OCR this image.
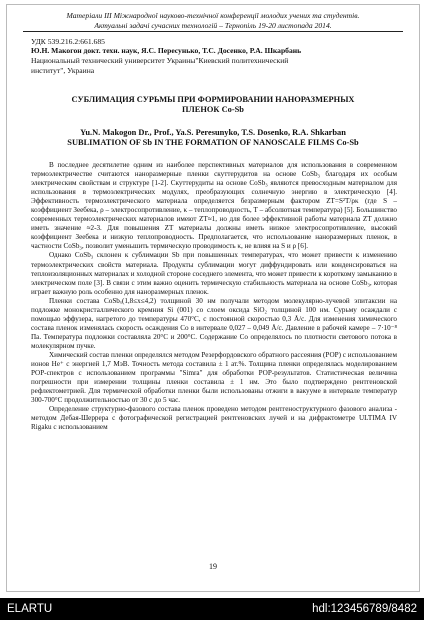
Матеріали ІІІ Міжнародної науково-технічної конференції молодих учених та студентів.
Актуальні задачі сучасних технологій – Тернопіль 19-20 листопада 2014.
УДК 539.216.2:661.685
Ю.Н. Макогон докт. техн. наук, Я.С. Пересунько, Т.С. Досенко, Р.А. Шкарбань
Национальный технический университет Украины"Киевский политехнический
институт", Украина
СУБЛИМАЦИЯ СУРЬМЫ ПРИ ФОРМИРОВАНИИ НАНОРАЗМЕРНЫХ
ПЛЕНОК Co-Sb
Yu.N. Makogon Dr., Prof., Ya.S. Peresunyko, T.S. Dosenko, R.A. Shkarban
SUBLIMATION OF Sb IN THE FORMATION OF NANOSCALE FILMS Co-Sb

В последнее десятилетие одним из наиболее перспективных материалов для использования в современном термоэлектричестве считаются наноразмерные пленки скуттерудитов на основе CoSb₃ благодаря их особым электрическим свойствам и структуре [1-2]. Скуттерудиты на основе CoSb₃ являются превосходным материалом для использования в термоэлектрических модулях, преобразующих солнечную энергию в электрическую [4]. Эффективность термоэлектрического материала определяется безразмерным фактором ZT=S²T/ρκ (где S – коэффициент Зеебека, ρ – электросопротивление, κ – теплопроводность, T – абсолютная температура) [5]. Большинство современных термоэлектрических материалов имеют ZT≈1, но для более эффективной работы материала ZT должно иметь значение ≈2-3. Для повышения ZT материалы должны иметь низкое электросопротивление, высокий коэффициент Зеебека и низкую теплопроводность. Предполагается, что использование наноразмерных пленок, в частности CoSb₃, позволит уменьшить термическую проводимость κ, не влияя на S и ρ [6].

Однако CoSb₃ склонен к сублимации Sb при повышенных температурах, что может привести к изменению термоэлектрических свойств материала. Продукты сублимации могут диффундировать или конденсироваться на теплоизоляционных материалах и холодной стороне соседнего элемента, что может привести к короткому замыканию в электрическом поле [3]. В связи с этим важно оценить термическую стабильность материала на основе CoSb₃, которая играет важную роль особенно для наноразмерных пленок.

Пленки состава CoSbₓ(1,8≤x≤4,2) толщиной 30 нм получали методом молекулярно-лучевой эпитаксии на подложке монокристаллического кремния Si (001) со слоем оксида SiO₂ толщиной 100 нм. Сурьму осаждали с помощью эффузера, нагретого до температуры 470°С, с постоянной скоростью 0,3 Å/с. Для изменения химического состава пленок изменялась скорость осаждения Co в интервале 0,027 – 0,049 Å/с. Давление в рабочей камере – 7·10⁻⁸ Па. Температура подложки составляла 20°С и 200°С. Содержание Co определялось по плотности светового потока в молекулярном пучке.

Химический состав пленки определялся методом Резерфордовского обратного рассеяния (РОР) с использованием ионов He⁺ с энергией 1,7 МэВ. Точность метода составила ± 1 ат.%. Толщина пленки определялась моделированием РОР-спектров с использованием программы "Simra" для обработки РОР-результатов. Статистическая величина погрешности при измерении толщины пленки составила ± 1 нм. Это было подтверждено рентгеновской рефлектометрией. Для термической обработки пленки были использованы отжиги в вакууме в интервале температур 300-700°С продолжительностью от 30 с до 5 час.

Определение структурно-фазового состава пленок проведено методом рентгеноструктурного фазового анализа - методом Дебая-Шеррера с фотографической регистрацией рентгеновских лучей и на дифрактометре ULTIMA IV Rigaku с использованием

19
ELARTU	hdl:123456789/8482
